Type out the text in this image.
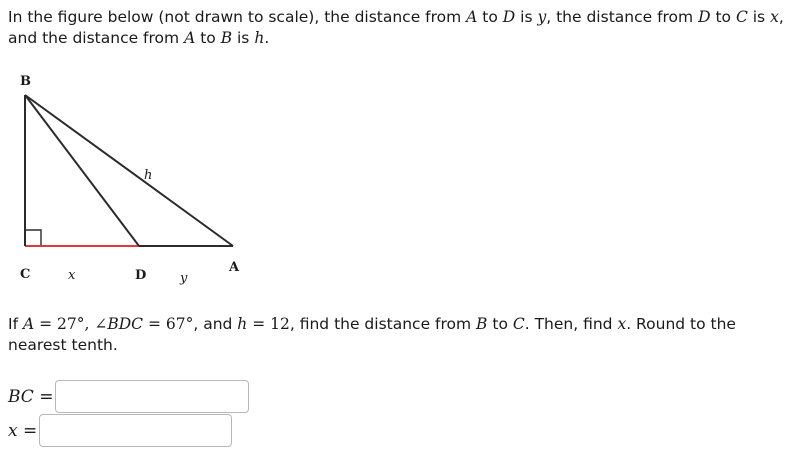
In the figure below (not drawn to scale), the distance from A to D is y, the distance from D to C is x,
and the distance from A to B is h.

B
C	x	D	y
A
h

If A = 27°, ∠BDC = 67°, and h = 12, find the distance from B to C. Then, find x. Round to the
nearest tenth.

BC =
x =
